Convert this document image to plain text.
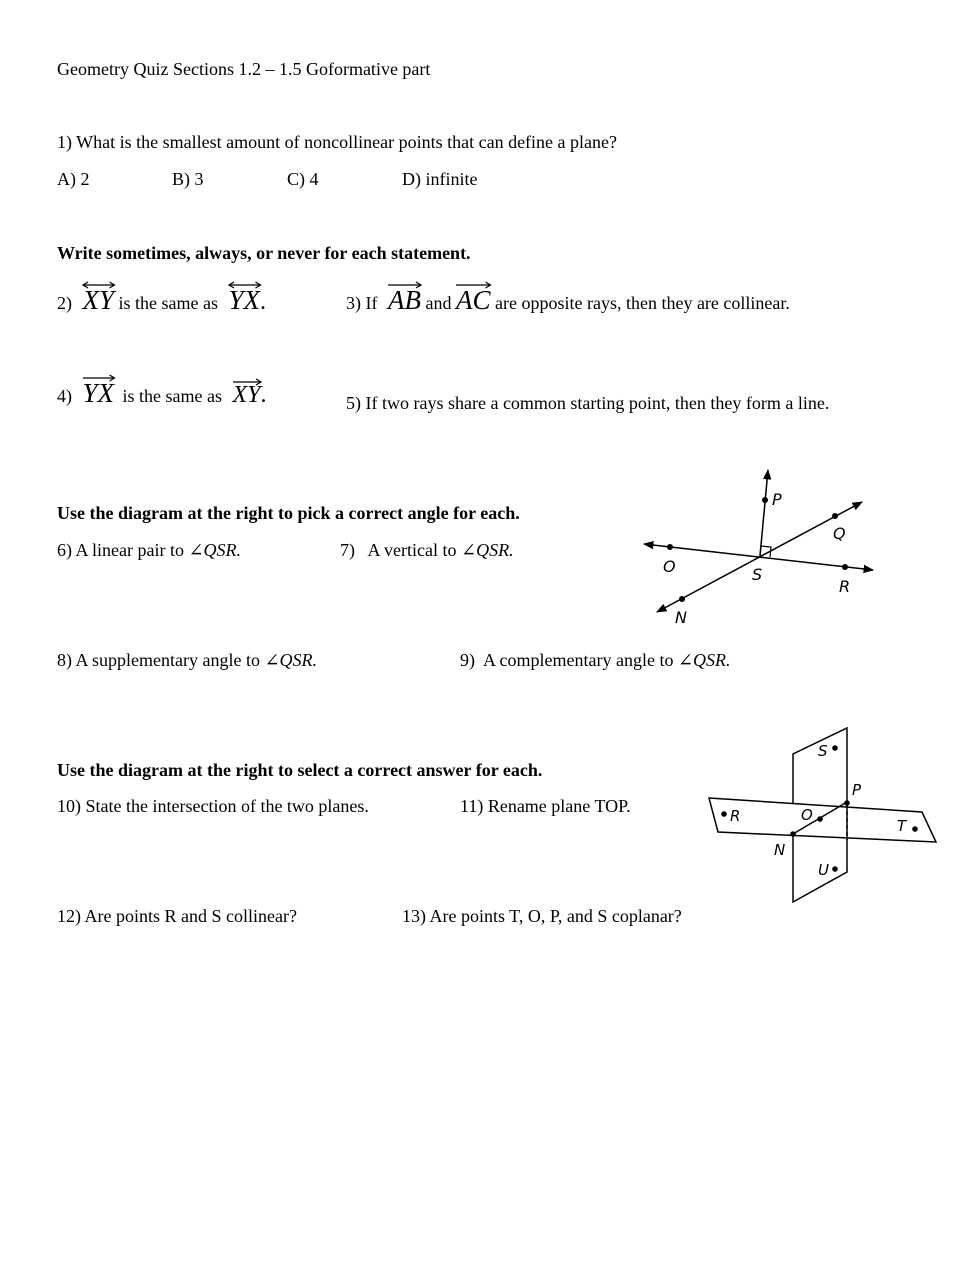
Geometry Quiz Sections 1.2 – 1.5 Goformative part
1) What is the smallest amount of noncollinear points that can define a plane?
A) 2	B) 3	C) 4	D) infinite
Write sometimes, always, or never for each statement.
2) XY is the same as YX.	3) If AB and AC are opposite rays, then they are collinear.
4) YX is the same as XY.	5) If two rays share a common starting point, then they form a line.
Use the diagram at the right to pick a correct angle for each.
6) A linear pair to ∠QSR.	7) A vertical to ∠QSR.
8) A supplementary angle to ∠QSR.	9) A complementary angle to ∠QSR.
P
Q
O	S
R
N
Use the diagram at the right to select a correct answer for each.
10) State the intersection of the two planes.	11) Rename plane TOP.
12) Are points R and S collinear?	13) Are points T, O, P, and S coplanar?
S
P
R	O
T
N
U
